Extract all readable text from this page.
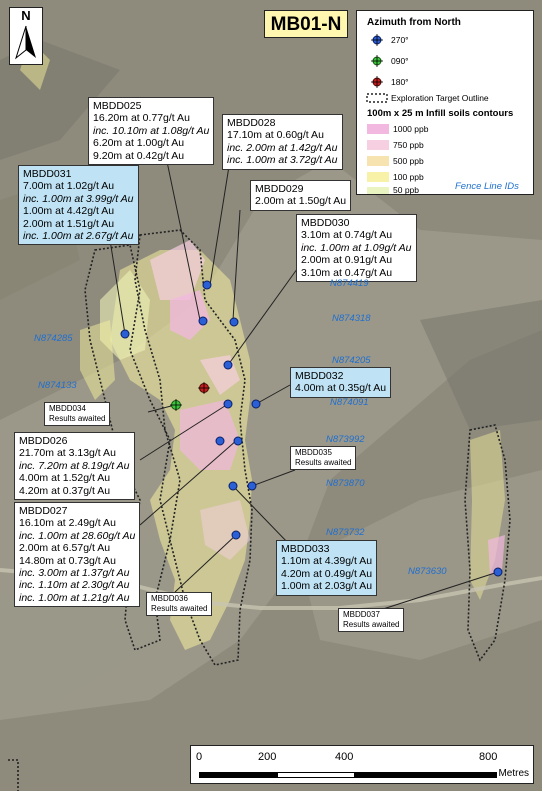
N	MB01-N	Azimuth from North
270°
090°
180°
Exploration Target Outline
100m x 25 m Infill soils contours
1000 ppb
750 ppb
500 ppb
100 ppb
50 ppb	Fence Line IDs
MBDD025
16.20m at 0.77g/t Au
inc. 10.10m at 1.08g/t Au
6.20m at 1.00g/t Au
9.20m at 0.42g/t Au
MBDD028
17.10m at 0.60g/t Au
inc. 2.00m at 1.42g/t Au
inc. 1.00m at 3.72g/t Au
MBDD031
7.00m at 1.02g/t Au
inc. 1.00m at 3.99g/t Au
1.00m at 4.42g/t Au
2.00m at 1.51g/t Au
inc. 1.00m at 2.67g/t Au
MBDD029
2.00m at 1.50g/t Au
MBDD030
3.10m at 0.74g/t Au
inc. 1.00m at 1.09g/t Au
2.00m at 0.91g/t Au
3.10m at 0.47g/t Au
MBDD032
4.00m at 0.35g/t Au
MBDD026
21.70m at 3.13g/t Au
inc. 7.20m at 8.19g/t Au
4.00m at 1.52g/t Au
4.20m at 0.37g/t Au
MBDD027
16.10m at 2.49g/t Au
inc. 1.00m at 28.60g/t Au
2.00m at 6.57g/t Au
14.80m at 0.73g/t Au
inc. 3.00m at 1.37g/t Au
inc. 1.10m at 2.30g/t Au
inc. 1.00m at 1.21g/t Au
MBDD033
1.10m at 4.39g/t Au
4.20m at 0.49g/t Au
1.00m at 2.03g/t Au
MBDD034
Results awaited
MBDD035
Results awaited
MBDD036
Results awaited
MBDD037
Results awaited
N874419
N874318
N874285
N874205
N874133
N874091
N873992
N873870
N873732
N873630
0	200	400	800
Metres
